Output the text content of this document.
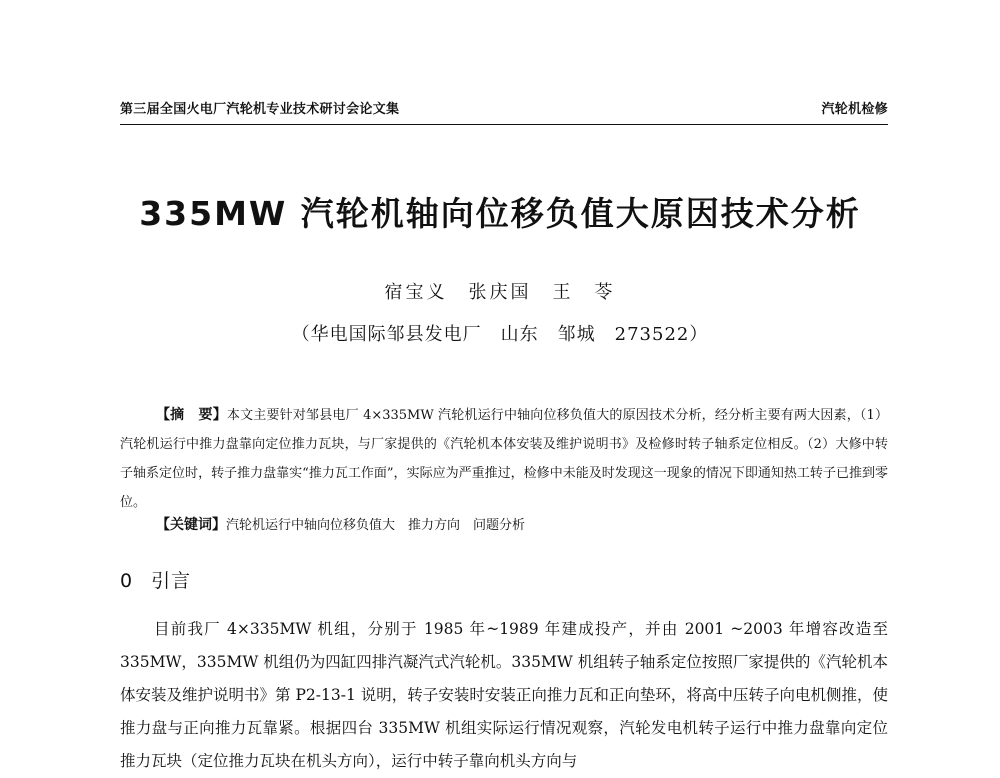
第三届全国火电厂汽轮机专业技术研讨会论文集	汽轮机检修
335MW 汽轮机轴向位移负值大原因技术分析
宿宝义　张庆国　王　苓
（华电国际邹县发电厂　山东　邹城　273522）

【摘　要】本文主要针对邹县电厂 4×335MW 汽轮机运行中轴向位移负值大的原因技术分析，经分析主要有两大因素，（1）汽轮机运行中推力盘靠向定位推力瓦块，与厂家提供的《汽轮机本体安装及维护说明书》及检修时转子轴系定位相反。（2）大修中转子轴系定位时，转子推力盘靠实“推力瓦工作面”，实际应为严重推过，检修中未能及时发现这一现象的情况下即通知热工转子已推到零位。

【关键词】汽轮机运行中轴向位移负值大　推力方向　问题分析
0 引言

目前我厂 4×335MW 机组，分别于 1985 年~1989 年建成投产，并由 2001 ~2003 年增容改造至 335MW，335MW 机组仍为四缸四排汽凝汽式汽轮机。335MW 机组转子轴系定位按照厂家提供的《汽轮机本体安装及维护说明书》第 P2-13-1 说明，转子安装时安装正向推力瓦和正向垫环，将高中压转子向电机侧推，使推力盘与正向推力瓦靠紧。根据四台 335MW 机组实际运行情况观察，汽轮发电机转子运行中推力盘靠向定位推力瓦块（定位推力瓦块在机头方向），运行中转子靠向机头方向与
